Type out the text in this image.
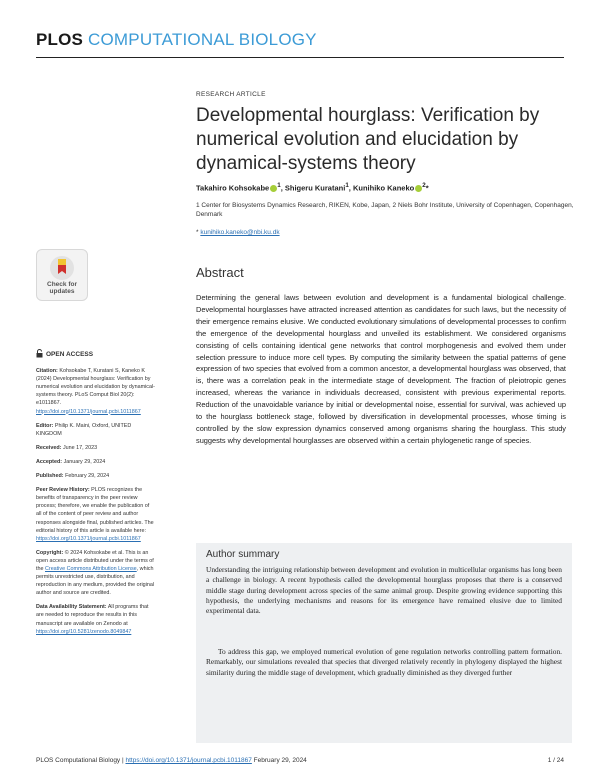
PLOS COMPUTATIONAL BIOLOGY
RESEARCH ARTICLE
Developmental hourglass: Verification by numerical evolution and elucidation by dynamical-systems theory
Takahiro Kohsokabe $^1$, Shigeru Kuratani$^1$, Kunihiko Kaneko $^2$*
1 Center for Biosystems Dynamics Research, RIKEN, Kobe, Japan, 2 Niels Bohr Institute, University of Copenhagen, Copenhagen, Denmark
* kunihiko.kaneko@nbi.ku.dk
Check for
updates
Abstract

Determining the general laws between evolution and development is a fundamental biological challenge. Developmental hourglasses have attracted increased attention as candidates for such laws, but the necessity of their emergence remains elusive. We conducted evolutionary simulations of developmental processes to confirm the emergence of the developmental hourglass and unveiled its establishment. We considered organisms consisting of cells containing identical gene networks that control morphogenesis and evolved them under selection pressure to induce more cell types. By computing the similarity between the spatial patterns of gene expression of two species that evolved from a common ancestor, a developmental hourglass was observed, that is, there was a correlation peak in the intermediate stage of development. The fraction of pleiotropic genes increased, whereas the variance in individuals decreased, consistent with previous experimental reports. Reduction of the unavoidable variance by initial or developmental noise, essential for survival, was achieved up to the hourglass bottleneck stage, followed by diversification in developmental processes, whose timing is controlled by the slow expression dynamics conserved among organisms sharing the hourglass. This study suggests why developmental hourglasses are observed within a certain phylogenetic range of species.

OPEN ACCESS

Citation: Kohsokabe T, Kuratani S, Kaneko K (2024) Developmental hourglass: Verification by numerical evolution and elucidation by dynamical-systems theory. PLoS Comput Biol 20(2): e1011867. https://doi.org/10.1371/journal.pcbi.1011867

Editor: Philip K. Maini, Oxford, UNITED KINGDOM

Received: June 17, 2023

Accepted: January 29, 2024

Published: February 29, 2024

Peer Review History: PLOS recognizes the benefits of transparency in the peer review process; therefore, we enable the publication of all of the content of peer review and author responses alongside final, published articles. The editorial history of this article is available here: https://doi.org/10.1371/journal.pcbi.1011867

Copyright: © 2024 Kohsokabe et al. This is an open access article distributed under the terms of the Creative Commons Attribution License, which permits unrestricted use, distribution, and reproduction in any medium, provided the original author and source are credited.

Data Availability Statement: All programs that are needed to reproduce the results in this manuscript are available on Zenodo at https://doi.org/10.5281/zenodo.8049847

Author summary

Understanding the intriguing relationship between development and evolution in multicellular organisms has long been a challenge in biology. A recent hypothesis called the developmental hourglass proposes that there is a conserved middle stage during development across species of the same animal group. Despite growing evidence supporting this hypothesis, the underlying mechanisms and reasons for its emergence have remained elusive due to limited experimental data.

To address this gap, we employed numerical evolution of gene regulation networks controlling pattern formation. Remarkably, our simulations revealed that species that diverged relatively recently in phylogeny displayed the highest similarity during the middle stage of development, which gradually diminished as they diverged further

PLOS Computational Biology | https://doi.org/10.1371/journal.pcbi.1011867 February 29, 2024	1 / 24
